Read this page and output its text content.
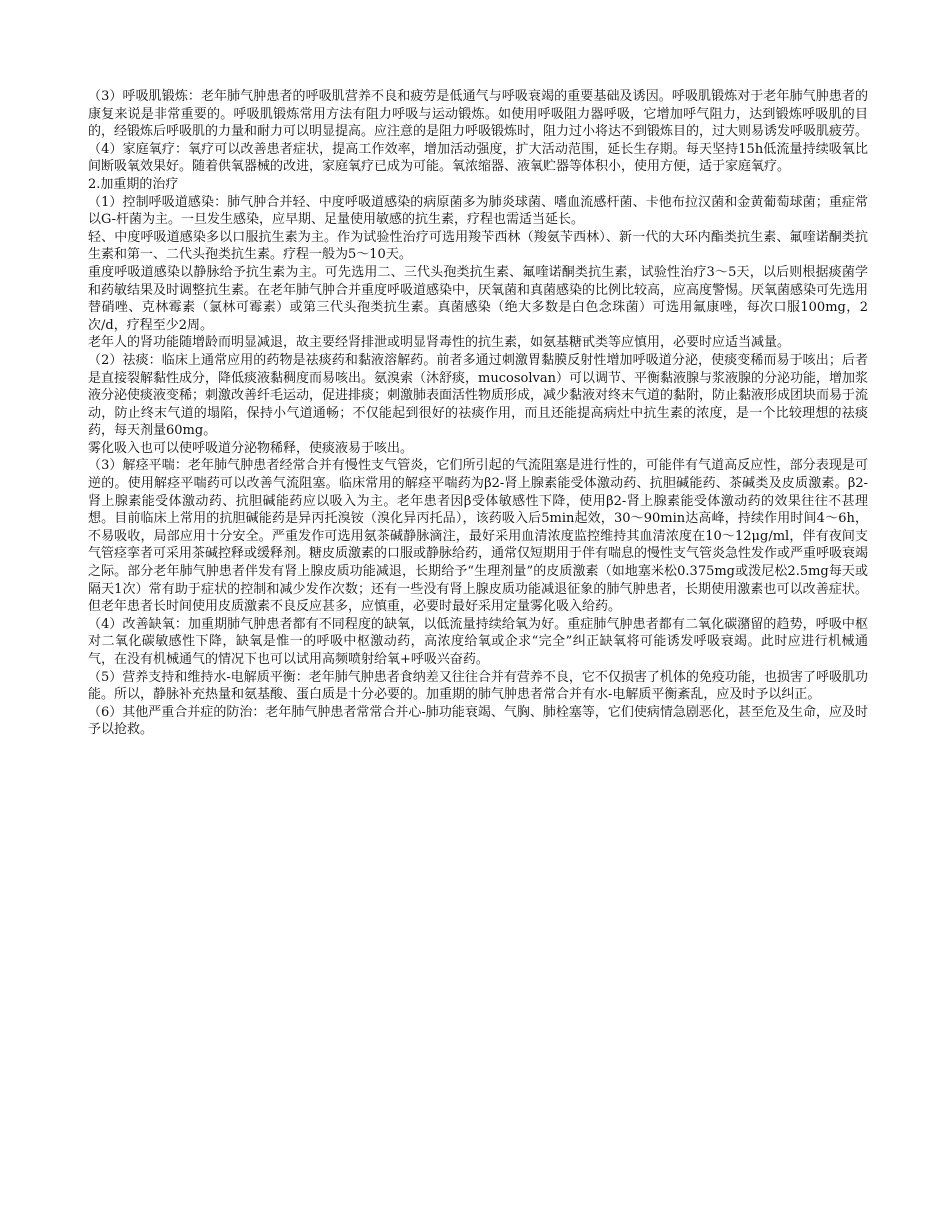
（3）呼吸肌锻炼：老年肺气肿患者的呼吸肌营养不良和疲劳是低通气与呼吸衰竭的重要基础及诱因。呼吸肌锻炼对于老年肺气肿患者的康复来说是非常重要的。呼吸肌锻炼常用方法有阻力呼吸与运动锻炼。如使用呼吸阻力器呼吸，它增加呼气阻力，达到锻炼呼吸肌的目的，经锻炼后呼吸肌的力量和耐力可以明显提高。应注意的是阻力呼吸锻炼时，阻力过小将达不到锻炼目的，过大则易诱发呼吸肌疲劳。

（4）家庭氧疗：氧疗可以改善患者症状，提高工作效率，增加活动强度，扩大活动范围，延长生存期。每天坚持15h低流量持续吸氧比间断吸氧效果好。随着供氧器械的改进，家庭氧疗已成为可能。氧浓缩器、液氧贮器等体积小，使用方便，适于家庭氧疗。

2.加重期的治疗

（1）控制呼吸道感染：肺气肿合并轻、中度呼吸道感染的病原菌多为肺炎球菌、嗜血流感杆菌、卡他布拉汉菌和金黄葡萄球菌；重症常以G-杆菌为主。一旦发生感染，应早期、足量使用敏感的抗生素，疗程也需适当延长。

轻、中度呼吸道感染多以口服抗生素为主。作为试验性治疗可选用羧苄西林（羧氨苄西林）、新一代的大环内酯类抗生素、氟喹诺酮类抗生素和第一、二代头孢类抗生素。疗程一般为5～10天。

重度呼吸道感染以静脉给予抗生素为主。可先选用二、三代头孢类抗生素、氟喹诺酮类抗生素，试验性治疗3～5天，以后则根据痰菌学和药敏结果及时调整抗生素。在老年肺气肿合并重度呼吸道感染中，厌氧菌和真菌感染的比例比较高，应高度警惕。厌氧菌感染可先选用替硝唑、克林霉素（氯林可霉素）或第三代头孢类抗生素。真菌感染（绝大多数是白色念珠菌）可选用氟康唑，每次口服100mg，2次/d，疗程至少2周。

老年人的肾功能随增龄而明显减退，故主要经肾排泄或明显肾毒性的抗生素，如氨基糖甙类等应慎用，必要时应适当减量。

（2）祛痰：临床上通常应用的药物是祛痰药和黏液溶解药。前者多通过刺激胃黏膜反射性增加呼吸道分泌，使痰变稀而易于咳出；后者是直接裂解黏性成分，降低痰液黏稠度而易咳出。氨溴索（沐舒痰，mucosolvan）可以调节、平衡黏液腺与浆液腺的分泌功能，增加浆液分泌使痰液变稀；刺激改善纤毛运动，促进排痰；刺激肺表面活性物质形成，减少黏液对终末气道的黏附，防止黏液形成团块而易于流动，防止终末气道的塌陷，保持小气道通畅；不仅能起到很好的祛痰作用，而且还能提高病灶中抗生素的浓度，是一个比较理想的祛痰药，每天剂量60mg。

雾化吸入也可以使呼吸道分泌物稀释，使痰液易于咳出。

（3）解痉平喘：老年肺气肿患者经常合并有慢性支气管炎，它们所引起的气流阻塞是进行性的，可能伴有气道高反应性，部分表现是可逆的。使用解痉平喘药可以改善气流阻塞。临床常用的解痉平喘药为β2-肾上腺素能受体激动药、抗胆碱能药、茶碱类及皮质激素。β2-肾上腺素能受体激动药、抗胆碱能药应以吸入为主。老年患者因β受体敏感性下降，使用β2-肾上腺素能受体激动药的效果往往不甚理想。目前临床上常用的抗胆碱能药是异丙托溴铵（溴化异丙托品），该药吸入后5min起效，30～90min达高峰，持续作用时间4～6h，不易吸收，局部应用十分安全。严重发作可选用氨茶碱静脉滴注，最好采用血清浓度监控维持其血清浓度在10～12μg/ml，伴有夜间支气管痉挛者可采用茶碱控释或缓释剂。糖皮质激素的口服或静脉给药，通常仅短期用于伴有喘息的慢性支气管炎急性发作或严重呼吸衰竭之际。部分老年肺气肿患者伴发有肾上腺皮质功能减退，长期给予“生理剂量”的皮质激素（如地塞米松0.375mg或泼尼松2.5mg每天或隔天1次）常有助于症状的控制和减少发作次数；还有一些没有肾上腺皮质功能减退征象的肺气肿患者，长期使用激素也可以改善症状。但老年患者长时间使用皮质激素不良反应甚多，应慎重，必要时最好采用定量雾化吸入给药。

（4）改善缺氧：加重期肺气肿患者都有不同程度的缺氧，以低流量持续给氧为好。重症肺气肿患者都有二氧化碳潴留的趋势，呼吸中枢对二氧化碳敏感性下降，缺氧是惟一的呼吸中枢激动药，高浓度给氧或企求“完全”纠正缺氧将可能诱发呼吸衰竭。此时应进行机械通气，在没有机械通气的情况下也可以试用高频喷射给氧+呼吸兴奋药。

（5）营养支持和维持水-电解质平衡：老年肺气肿患者食纳差又往往合并有营养不良，它不仅损害了机体的免疫功能，也损害了呼吸肌功能。所以，静脉补充热量和氨基酸、蛋白质是十分必要的。加重期的肺气肿患者常合并有水-电解质平衡紊乱，应及时予以纠正。

（6）其他严重合并症的防治：老年肺气肿患者常常合并心-肺功能衰竭、气胸、肺栓塞等，它们使病情急剧恶化，甚至危及生命，应及时予以抢救。
